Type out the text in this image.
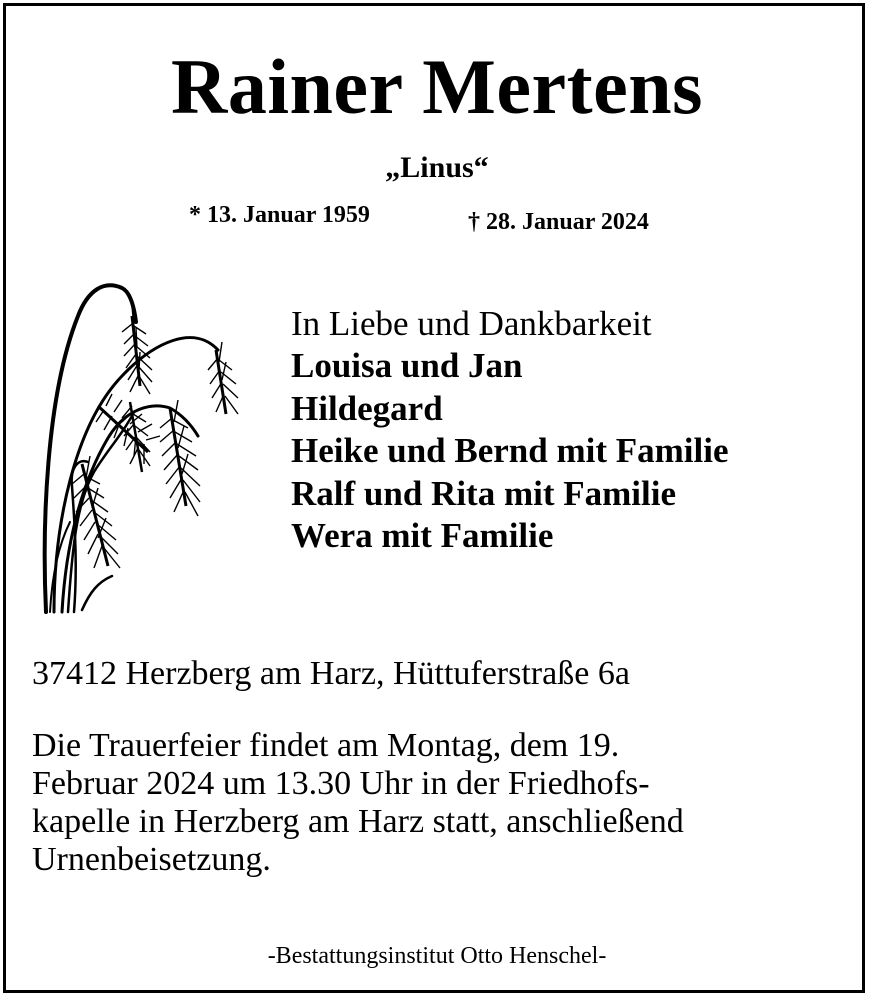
Rainer Mertens
„Linus“
* 13. Januar 1959	† 28. Januar 2024
In Liebe und Dankbarkeit
Louisa und Jan
Hildegard
Heike und Bernd mit Familie
Ralf und Rita mit Familie
Wera mit Familie
37412 Herzberg am Harz, Hüttuferstraße 6a
Die Trauerfeier findet am Montag, dem 19.
Februar 2024 um 13.30 Uhr in der Friedhofs-
kapelle in Herzberg am Harz statt, anschließend
Urnenbeisetzung.
-Bestattungsinstitut Otto Henschel-
